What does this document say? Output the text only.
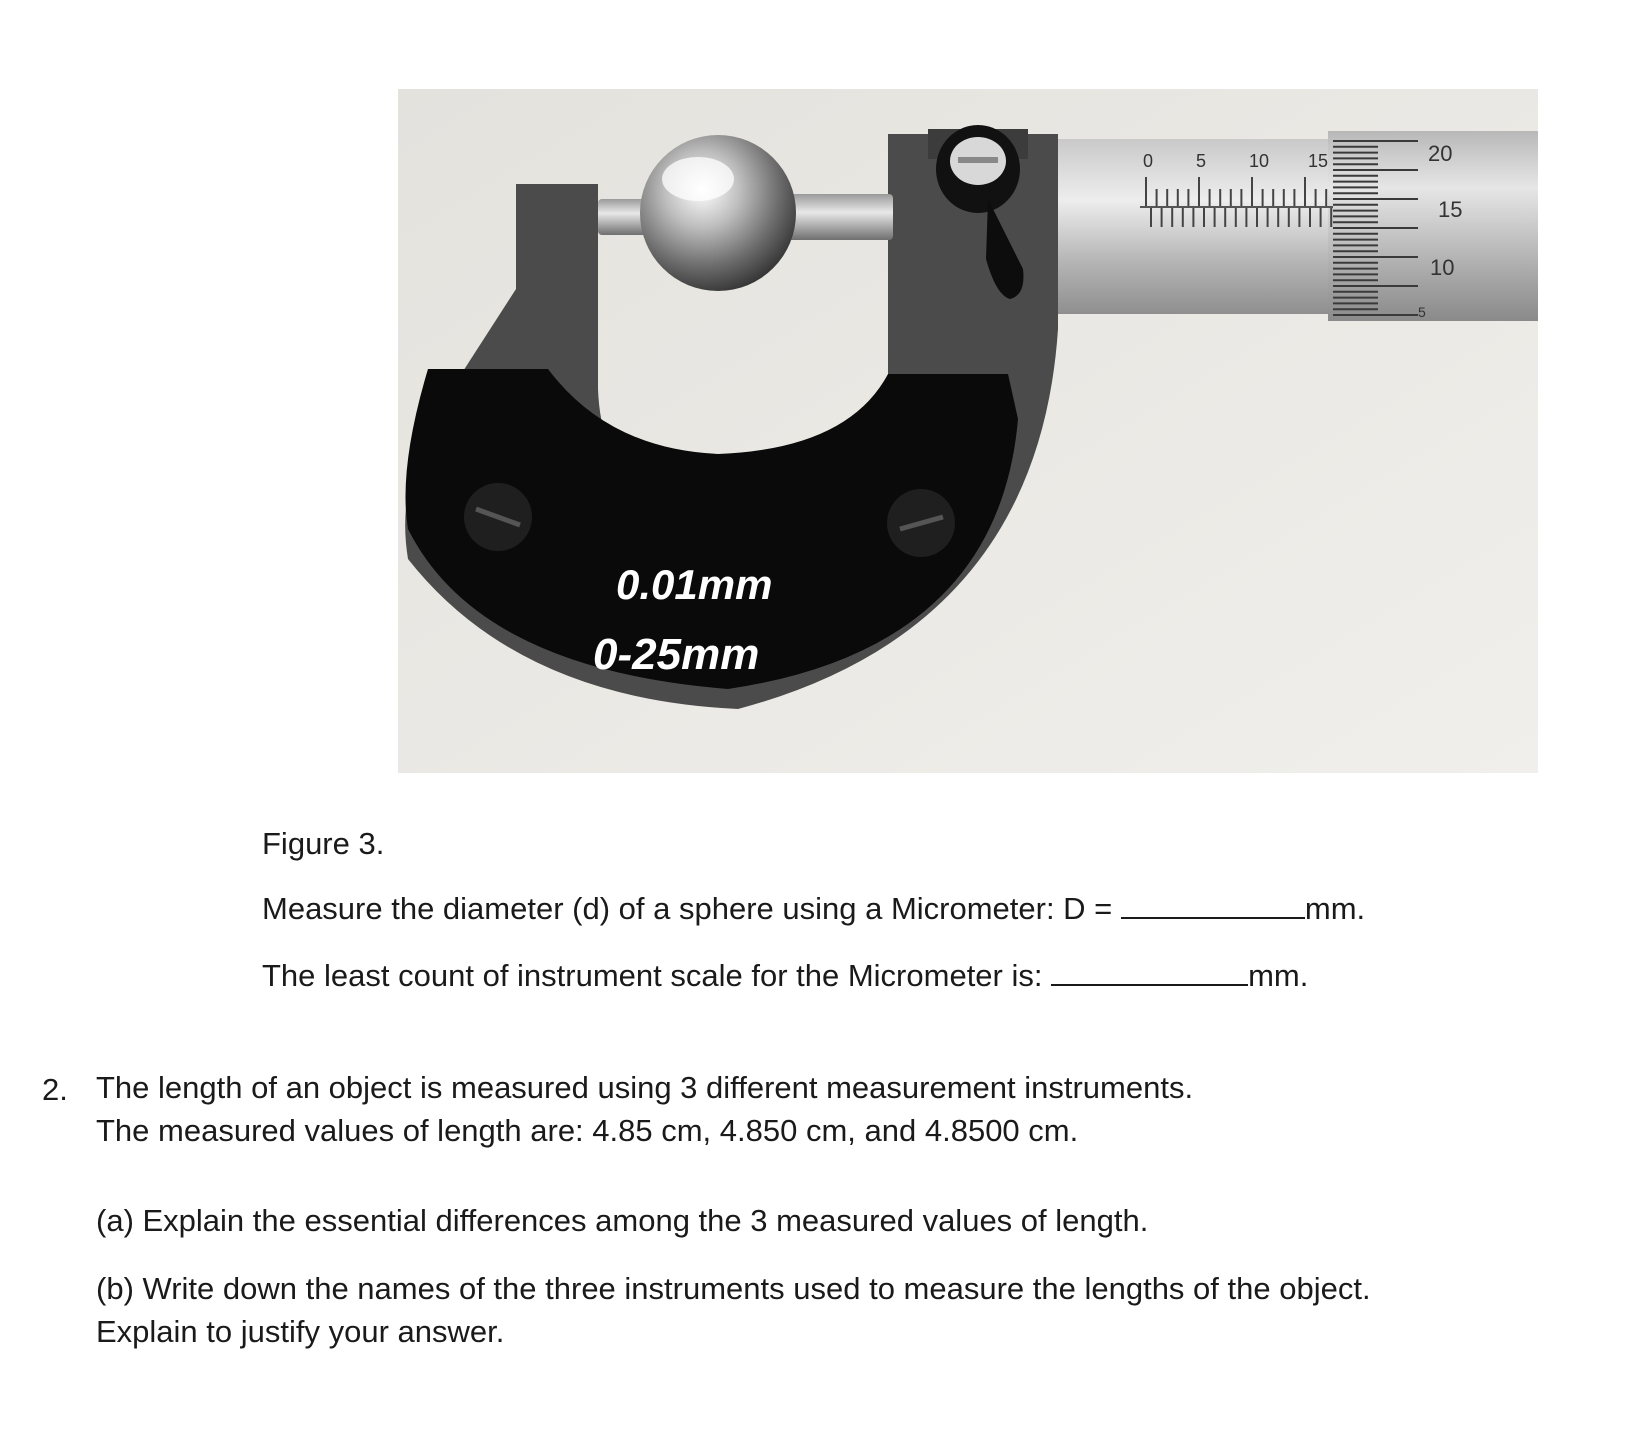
0 5 10 15	20
15
10
5
0.01mm
0-25mm
Figure 3.
Measure the diameter (d) of a sphere using a Micrometer: D =	mm.
The least count of instrument scale for the Micrometer is:	mm.
2. The length of an object is measured using 3 different measurement instruments.
The measured values of length are: 4.85 cm, 4.850 cm, and 4.8500 cm.
(a) Explain the essential differences among the 3 measured values of length.
(b) Write down the names of the three instruments used to measure the lengths of the object.
Explain to justify your answer.
